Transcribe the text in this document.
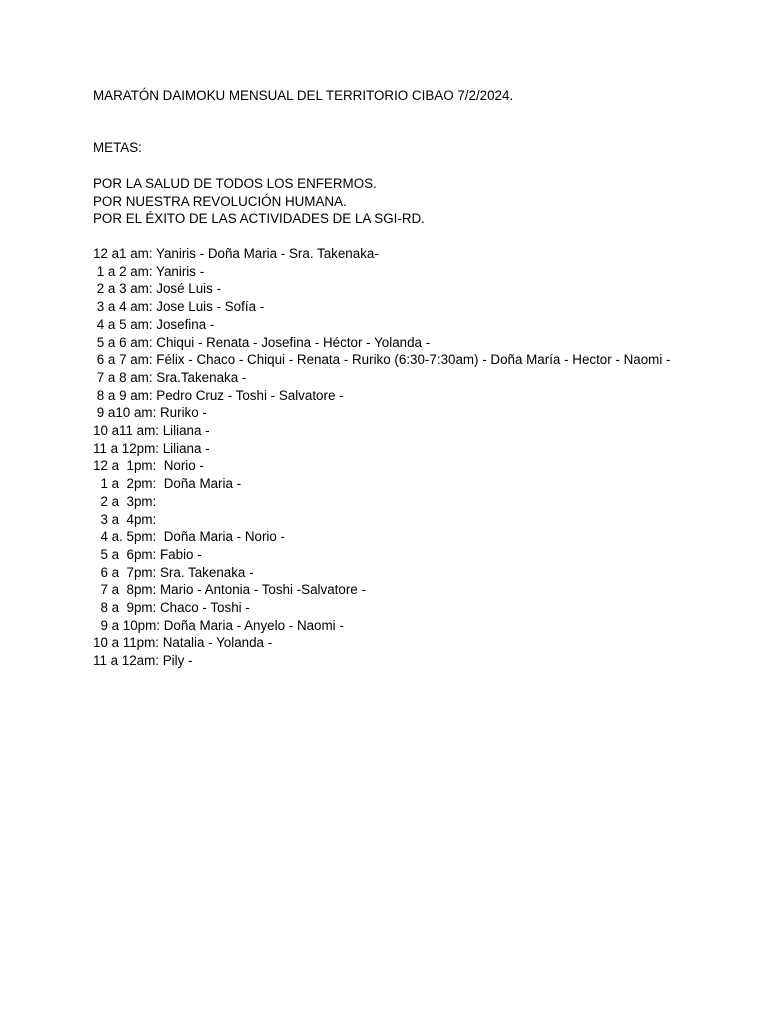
MARATÓN DAIMOKU MENSUAL DEL TERRITORIO CIBAO 7/2/2024.
METAS:
POR LA SALUD DE TODOS LOS ENFERMOS.
POR NUESTRA REVOLUCIÓN HUMANA.
POR EL ÉXITO DE LAS ACTIVIDADES DE LA SGI-RD.
12 a1 am: Yaniris - Doña Maria - Sra. Takenaka-
1 a 2 am: Yaniris -
2 a 3 am: José Luis -
3 a 4 am: Jose Luis - Sofía -
4 a 5 am: Josefina -
5 a 6 am: Chiqui - Renata - Josefina - Héctor - Yolanda -
6 a 7 am: Félix - Chaco - Chiqui - Renata - Ruriko (6:30-7:30am) - Doña María - Hector - Naomi -
7 a 8 am: Sra.Takenaka -
8 a 9 am: Pedro Cruz - Toshi - Salvatore -
9 a10 am: Ruriko -
10 a11 am: Liliana -
11 a 12pm: Liliana -
12 a  1pm:  Norio -
1 a  2pm:  Doña Maria -
2 a  3pm:
3 a  4pm:
4 a. 5pm:  Doña Maria - Norio -
5 a  6pm: Fabio -
6 a  7pm: Sra. Takenaka -
7 a  8pm: Mario - Antonia - Toshi -Salvatore -
8 a  9pm: Chaco - Toshi -
9 a 10pm: Doña Maria - Anyelo - Naomi -
10 a 11pm: Natalia - Yolanda -
11 a 12am: Pily -
